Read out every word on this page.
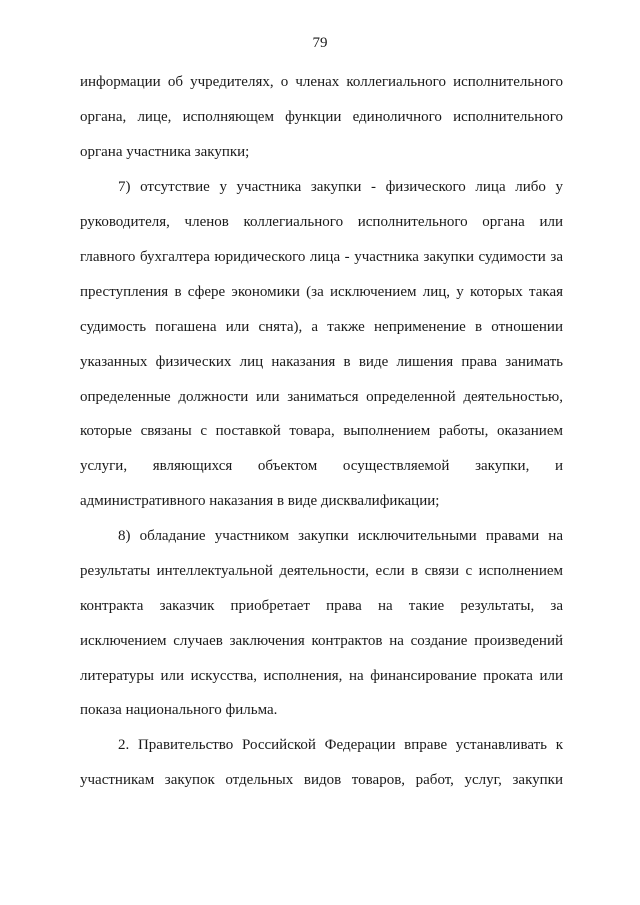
79
информации об учредителях, о членах коллегиального исполнительного
органа, лице, исполняющем функции единоличного исполнительного
органа участника закупки;
7) отсутствие у участника закупки - физического лица либо у
руководителя, членов коллегиального исполнительного органа или
главного бухгалтера юридического лица - участника закупки судимости за
преступления в сфере экономики (за исключением лиц, у которых такая
судимость погашена или снята), а также неприменение в отношении
указанных физических лиц наказания в виде лишения права занимать
определенные должности или заниматься определенной деятельностью,
которые связаны с поставкой товара, выполнением работы, оказанием
услуги, являющихся объектом осуществляемой закупки, и
административного наказания в виде дисквалификации;
8) обладание участником закупки исключительными правами на
результаты интеллектуальной деятельности, если в связи с исполнением
контракта заказчик приобретает права на такие результаты, за
исключением случаев заключения контрактов на создание произведений
литературы или искусства, исполнения, на финансирование проката или
показа национального фильма.
2. Правительство Российской Федерации вправе устанавливать к
участникам закупок отдельных видов товаров, работ, услуг, закупки
